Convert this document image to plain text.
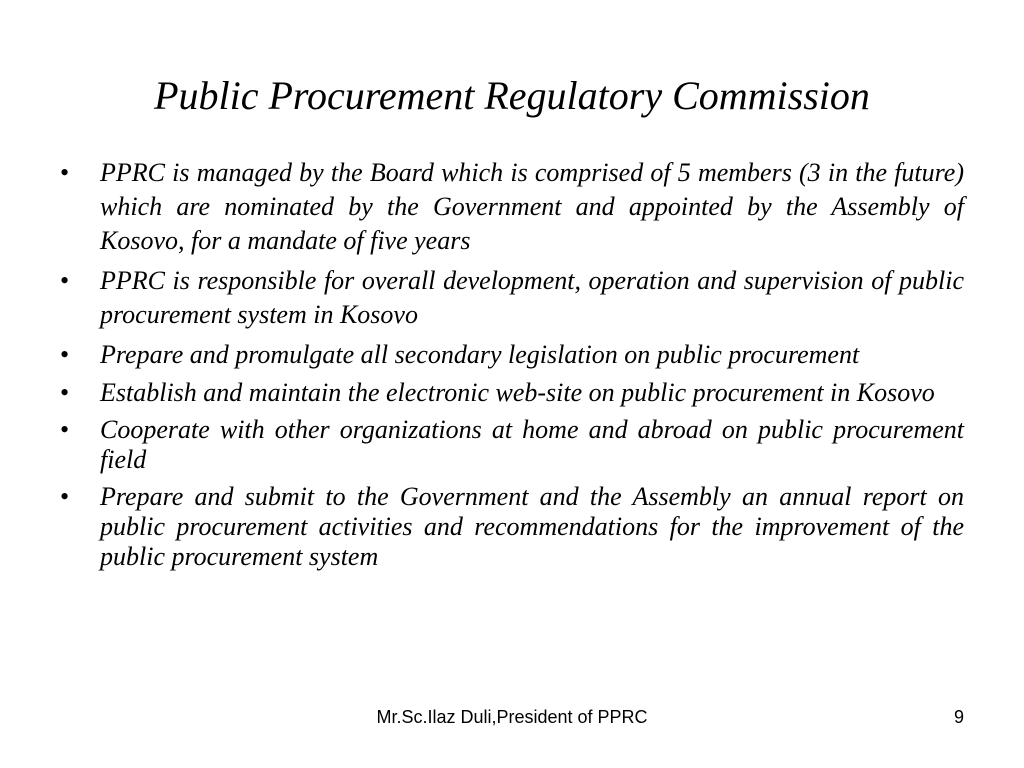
Public Procurement Regulatory Commission
• PPRC is managed by the Board which is comprised of 5 members (3 in the future) which are nominated by the Government and appointed by the Assembly of Kosovo, for a mandate of five years
• PPRC is responsible for overall development, operation and supervision of public procurement system in Kosovo
• Prepare and promulgate all secondary legislation on public procurement
• Establish and maintain the electronic web-site on public procurement in Kosovo
• Cooperate with other organizations at home and abroad on public procurement field
• Prepare and submit to the Government and the Assembly an annual report on public procurement activities and recommendations for the improvement of the public procurement system
Mr.Sc.Ilaz Duli,President of PPRC	9
